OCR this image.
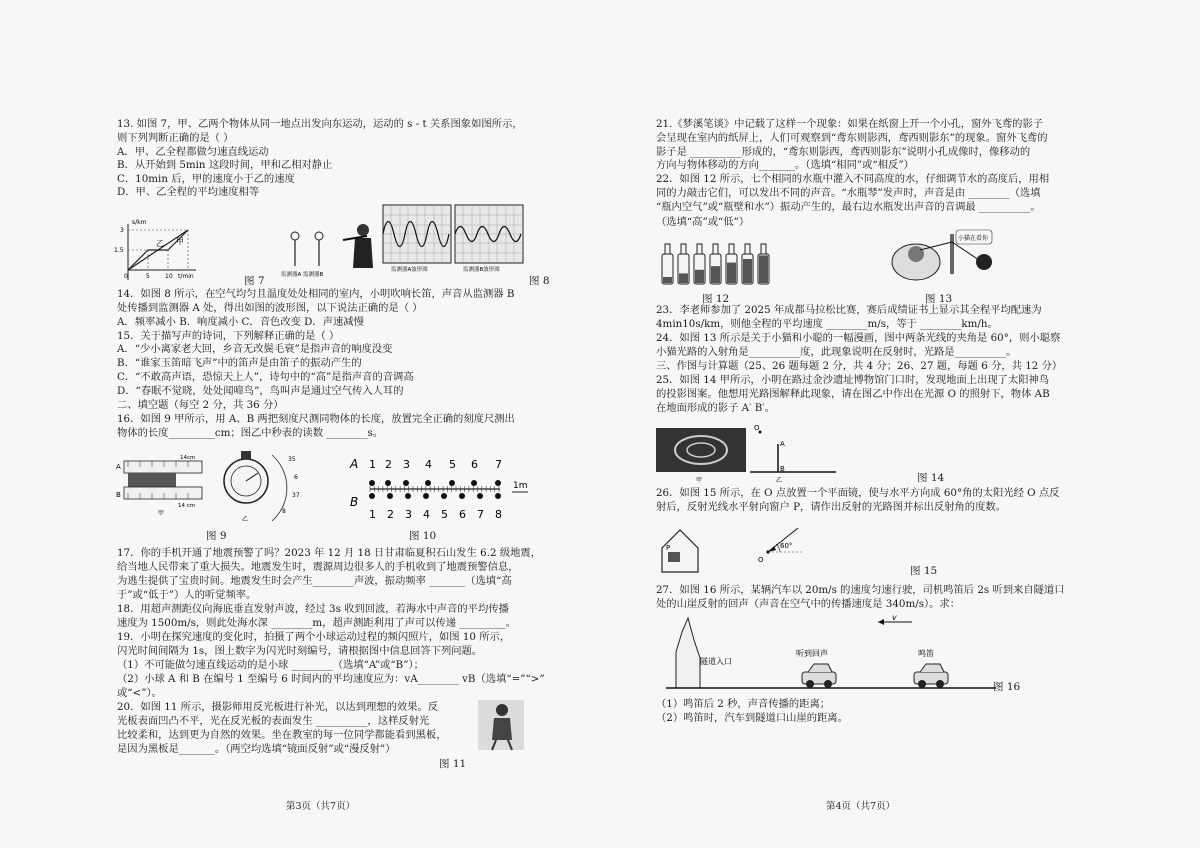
13. 如图 7，甲、乙两个物体从同一地点出发向东运动，运动的 s - t 关系图象如图所示，
则下列判断正确的是（ ）
A．甲、乙全程都做匀速直线运动
B．从开始到 5min 这段时间，甲和乙相对静止
C．10min 后，甲的速度小于乙的速度
D．甲、乙全程的平均速度相等
14．如图 8 所示，在空气均匀且温度处处相同的室内，小明吹响长笛，声音从监测器 B
处传播到监测器 A 处，得出如图的波形图，以下说法正确的是（ ）
A．频率减小 B．响度减小 C．音色改变 D．声速减慢
15．关于描写声的诗词，下列解释正确的是（ ）
A．“少小离家老大回，乡音无改鬓毛衰”是指声音的响度没变
B．“谁家玉笛暗飞声”中的笛声是由笛子的振动产生的
C．“不敢高声语，恐惊天上人”，诗句中的“高”是指声音的音调高
D．“春眠不觉晓，处处闻啼鸟”，鸟叫声是通过空气传入人耳的
二、填空题（每空 2 分，共 36 分）
16．如图 9 甲所示，用 A、B 两把刻度尺测同物体的长度，放置完全正确的刻度尺测出
物体的长度_________cm；图乙中秒表的读数 ________s。
17．你的手机开通了地震预警了吗？2023 年 12 月 18 日甘肃临夏积石山发生 6.2 级地震，
给当地人民带来了重大损失。地震发生时，震源周边很多人的手机收到了地震预警信息，
为逃生提供了宝贵时间。地震发生时会产生________声波，振动频率 _______（选填“高
于”或“低于”）人的听觉频率。
18．用超声测距仪向海底垂直发射声波，经过 3s 收到回波，若海水中声音的平均传播
速度为 1500m/s，则此处海水深 ________m，超声测距利用了声可以传递 _________。
19．小明在探究速度的变化时，拍摄了两个小球运动过程的频闪照片，如图 10 所示，
闪光时间间隔为 1s，图上数字为闪光时刻编号，请根据图中信息回答下列问题。
（1）不可能做匀速直线运动的是小球 ________（选填“A”或“B”）；
（2）小球 A 和 B 在编号 1 至编号 6 时间内的平均速度应为：vA________ vB（选填“=”“>”
或“<”）。
20．如图 11 所示，摄影师用反光板进行补光，以达到理想的效果。反
光板表面凹凸不平，光在反光板的表面发生 __________，这样反射光
比较柔和，达到更为自然的效果。坐在教室的每一位同学都能看到黑板，
是因为黑板是_______。（两空均选填“镜面反射”或“漫反射”）
s/km
3
1.5
0	5	10 t/min
甲
乙
图 7	监测器A 监测器B
监测器A波形图	监测器B波形图
图 8
A
B
14cm
14 cm
甲
35
6
37
8
乙
图 9
1 2 3 4 5 6 7
1 2 3 4 5 6 7 8
A
B
1m
图 10
图 11
第3页（共7页）
21.《梦溪笔谈》中记载了这样一个现象：如果在纸窗上开一个小孔，窗外飞鸢的影子
会呈现在室内的纸屏上，人们可观察到“鸢东则影西，鸢西则影东”的现象。窗外飞鸢的
影子是 __________形成的，“鸢东则影西，鸢西则影东”说明小孔成像时，像移动的
方向与物体移动的方向_______。（选填“相同”或“相反”）
22．如图 12 所示，七个相同的水瓶中灌入不同高度的水，仔细调节水的高度后，用相
同的力敲击它们，可以发出不同的声音。“水瓶琴”发声时，声音是由 ________（选填
“瓶内空气”或“瓶壁和水”）振动产生的，最右边水瓶发出声音的音调最 __________。
（选填“高”或“低”）
23．李老师参加了 2025 年成都马拉松比赛，赛后成绩证书上显示其全程平均配速为
4min10s/km，则他全程的平均速度 ________m/s，等于 ________km/h。
24．如图 13 所示是关于小猫和小聪的一幅漫画，图中两条光线的夹角是 60°，则小聪察
小猫光路的入射角是__________度，此现象说明在反射时，光路是__________。
三、作图与计算题（25、26 题每题 2 分，共 4 分；26、27 题，每题 6 分，共 12 分）
25．如图 14 甲所示，小明在路过金沙遗址博物馆门口时，发现地面上出现了太阳神鸟
的投影图案。他想用光路图解释此现象，请在图乙中作出在光源 O 的照射下，物体 AB
在地面形成的影子 A′ B′。
26．如图 15 所示，在 O 点放置一个平面镜，使与水平方向成 60°角的太阳光经 O 点反
射后，反射光线水平射向窗户 P，请作出反射的光路图并标出反射角的度数。
27．如图 16 所示，某辆汽车以 20m/s 的速度匀速行驶，司机鸣笛后 2s 听到来自隧道口
处的山崖反射的回声（声音在空气中的传播速度是 340m/s）。求：
（1）鸣笛后 2 秒，声音传播的距离；
（2）鸣笛时，汽车到隧道口山崖的距离。
图 12
小猫在看你
图 13
甲
O
A
B
乙	图 14
P
O
60°
图 15
v
隧道入口
听到回声	鸣笛
图 16
第4页（共7页）
